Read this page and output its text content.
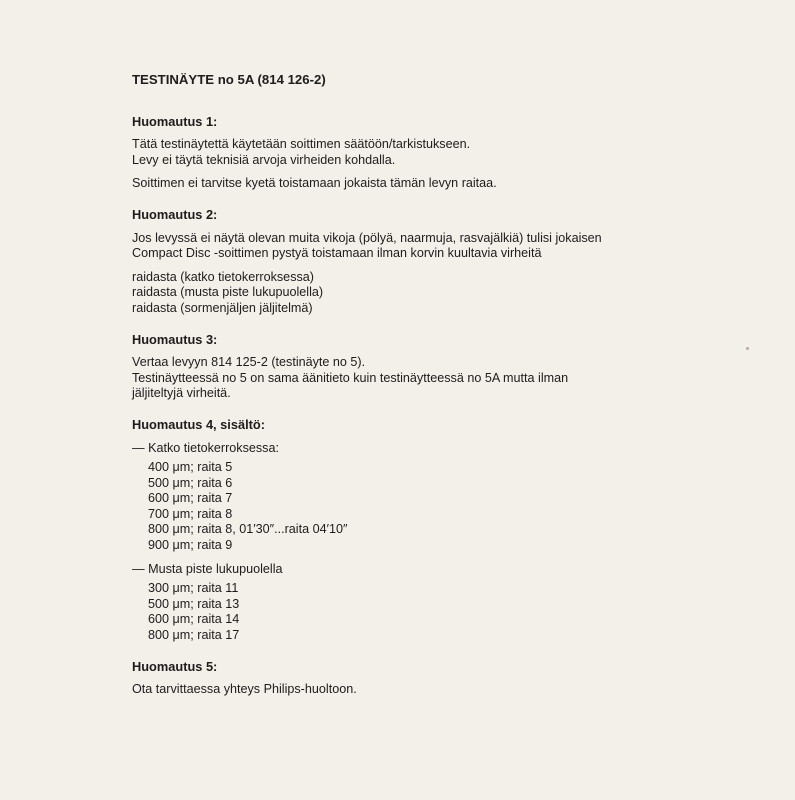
TESTINÄYTE no 5A (814 126-2)
Huomautus 1:

Tätä testinäytettä käytetään soittimen säätöön/tarkistukseen.
Levy ei täytä teknisiä arvoja virheiden kohdalla.

Soittimen ei tarvitse kyetä toistamaan jokaista tämän levyn raitaa.

Huomautus 2:

Jos levyssä ei näytä olevan muita vikoja (pölyä, naarmuja, rasvajälkiä) tulisi jokaisen
Compact Disc -soittimen pystyä toistamaan ilman korvin kuultavia virheitä

raidasta (katko tietokerroksessa)
raidasta (musta piste lukupuolella)
raidasta (sormenjäljen jäljitelmä)

Huomautus 3:

Vertaa levyyn 814 125-2 (testinäyte no 5).
Testinäytteessä no 5 on sama äänitieto kuin testinäytteessä no 5A mutta ilman
jäljiteltyjä virheitä.

Huomautus 4, sisältö:
— Katko tietokerroksessa:
400 μm; raita 5
500 μm; raita 6
600 μm; raita 7
700 μm; raita 8
800 μm; raita 8, 01′30″...raita 04′10″
900 μm; raita 9
— Musta piste lukupuolella
300 μm; raita 11
500 μm; raita 13
600 μm; raita 14
800 μm; raita 17
Huomautus 5:

Ota tarvittaessa yhteys Philips-huoltoon.
